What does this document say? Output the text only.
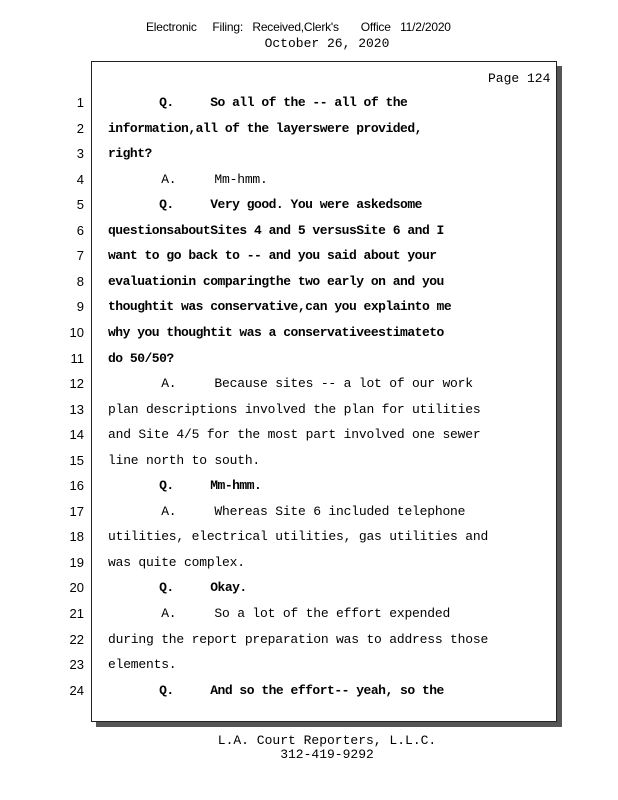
Electronic     Filing:   Received,Clerk's       Office   11/2/2020
October 26, 2020
Page 124
1 Q.     So all of the -- all of the
2 information,all of the layerswere provided,
3 right?
4 A.     Mm-hmm.
5 Q.     Very good. You were askedsome
6 questionsaboutSites 4 and 5 versusSite 6 and I
7 want to go back to -- and you said about your
8 evaluationin comparingthe two early on and you
9 thoughtit was conservative,can you explainto me
10 why you thoughtit was a conservativeestimateto
11 do 50/50?
12 A.     Because sites -- a lot of our work
13 plan descriptions involved the plan for utilities
14 and Site 4/5 for the most part involved one sewer
15 line north to south.
16 Q.     Mm-hmm.
17 A.     Whereas Site 6 included telephone
18 utilities, electrical utilities, gas utilities and
19 was quite complex.
20 Q.     Okay.
21 A.     So a lot of the effort expended
22 during the report preparation was to address those
23 elements.
24 Q.     And so the effort-- yeah, so the
L.A. Court Reporters, L.L.C.
312-419-9292
